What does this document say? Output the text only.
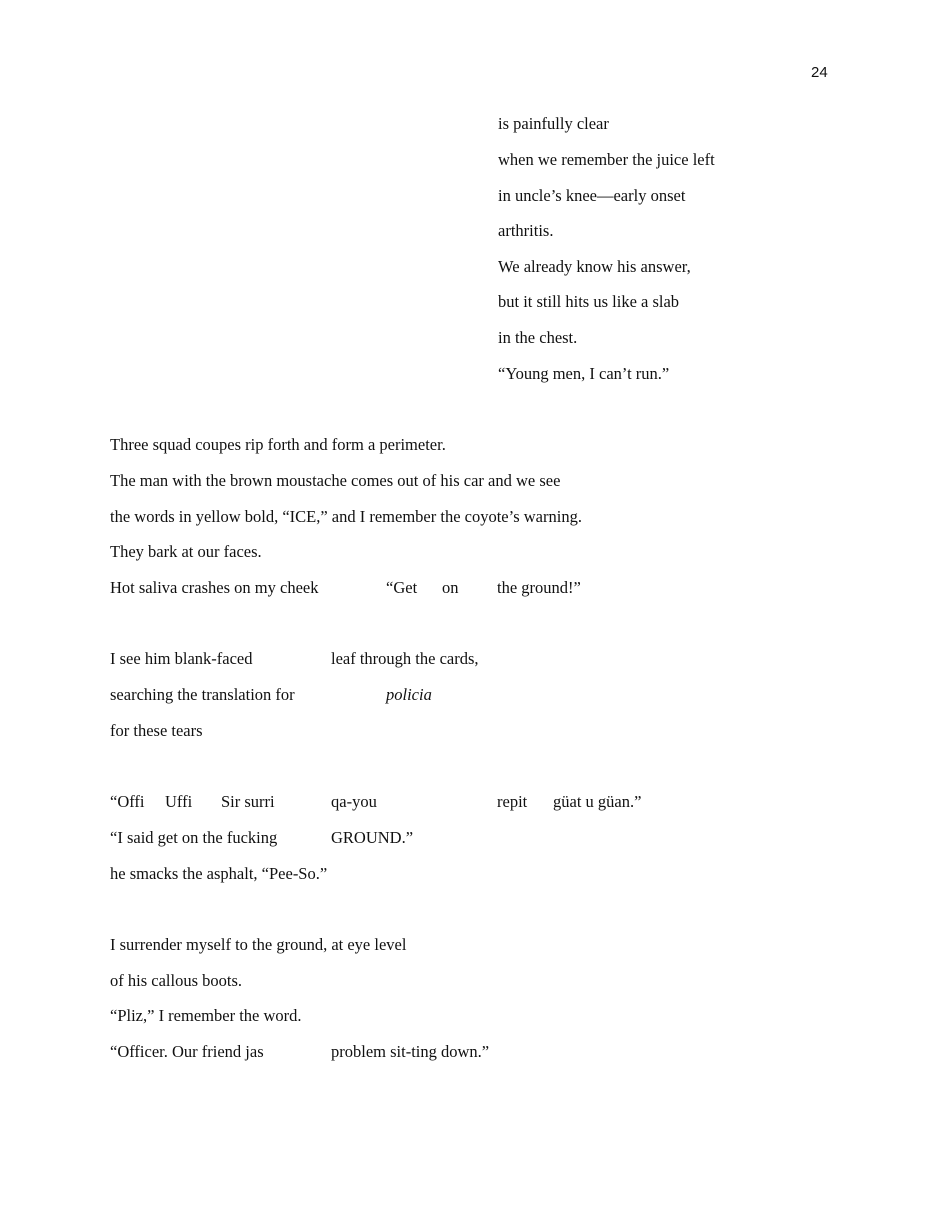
24
is painfully clear
when we remember the juice left
in uncle’s knee—early onset
arthritis.
We already know his answer,
but it still hits us like a slab
in the chest.
“Young men, I can’t run.”
Three squad coupes rip forth and form a perimeter.
The man with the brown moustache comes out of his car and we see
the words in yellow bold, “ICE,” and I remember the coyote’s warning.
They bark at our faces.

Hot saliva crashes on my cheek

	“Get

on

the ground!”

I see him blank-faced

	leaf through the cards,

searching the translation for

	policia

for these tears

“Offi

Uffi

Sir surri

	qa-you

	repit

güat u güan.”

“I said get on the fucking

	GROUND.”

he smacks the asphalt, “Pee-So.”
I surrender myself to the ground, at eye level
of his callous boots.
“Pliz,” I remember the word.

“Officer. Our friend jas

	problem sit-ting down.”
